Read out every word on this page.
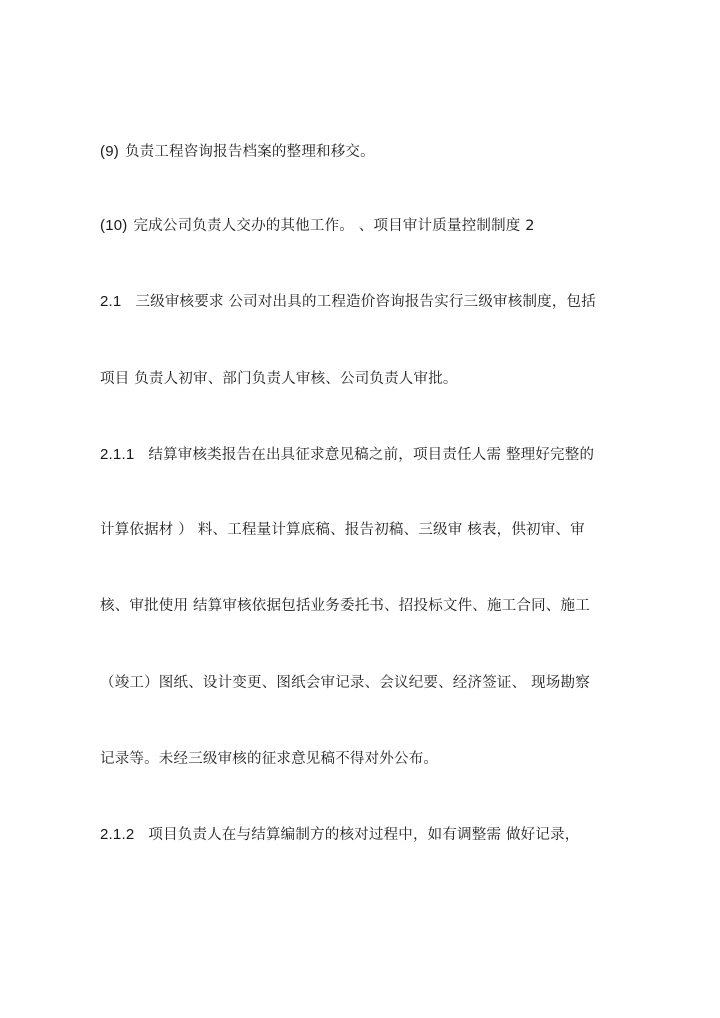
(9) 负责工程咨询报告档案的整理和移交。
(10) 完成公司负责人交办的其他工作。 、项目审计质量控制制度 2
2.1 三级审核要求 公司对出具的工程造价咨询报告实行三级审核制度，包括
项目 负责人初审、部门负责人审核、公司负责人审批。
2.1.1 结算审核类报告在出具征求意见稿之前，项目责任人需 整理好完整的
计算依据材 ） 料、工程量计算底稿、报告初稿、三级审 核表，供初审、审
核、审批使用 结算审核依据包括业务委托书、招投标文件、施工合同、施工
（竣工）图纸、设计变更、图纸会审记录、会议纪要、经济签证、 现场勘察
记录等。未经三级审核的征求意见稿不得对外公布。
2.1.2 项目负责人在与结算编制方的核对过程中，如有调整需 做好记录，
